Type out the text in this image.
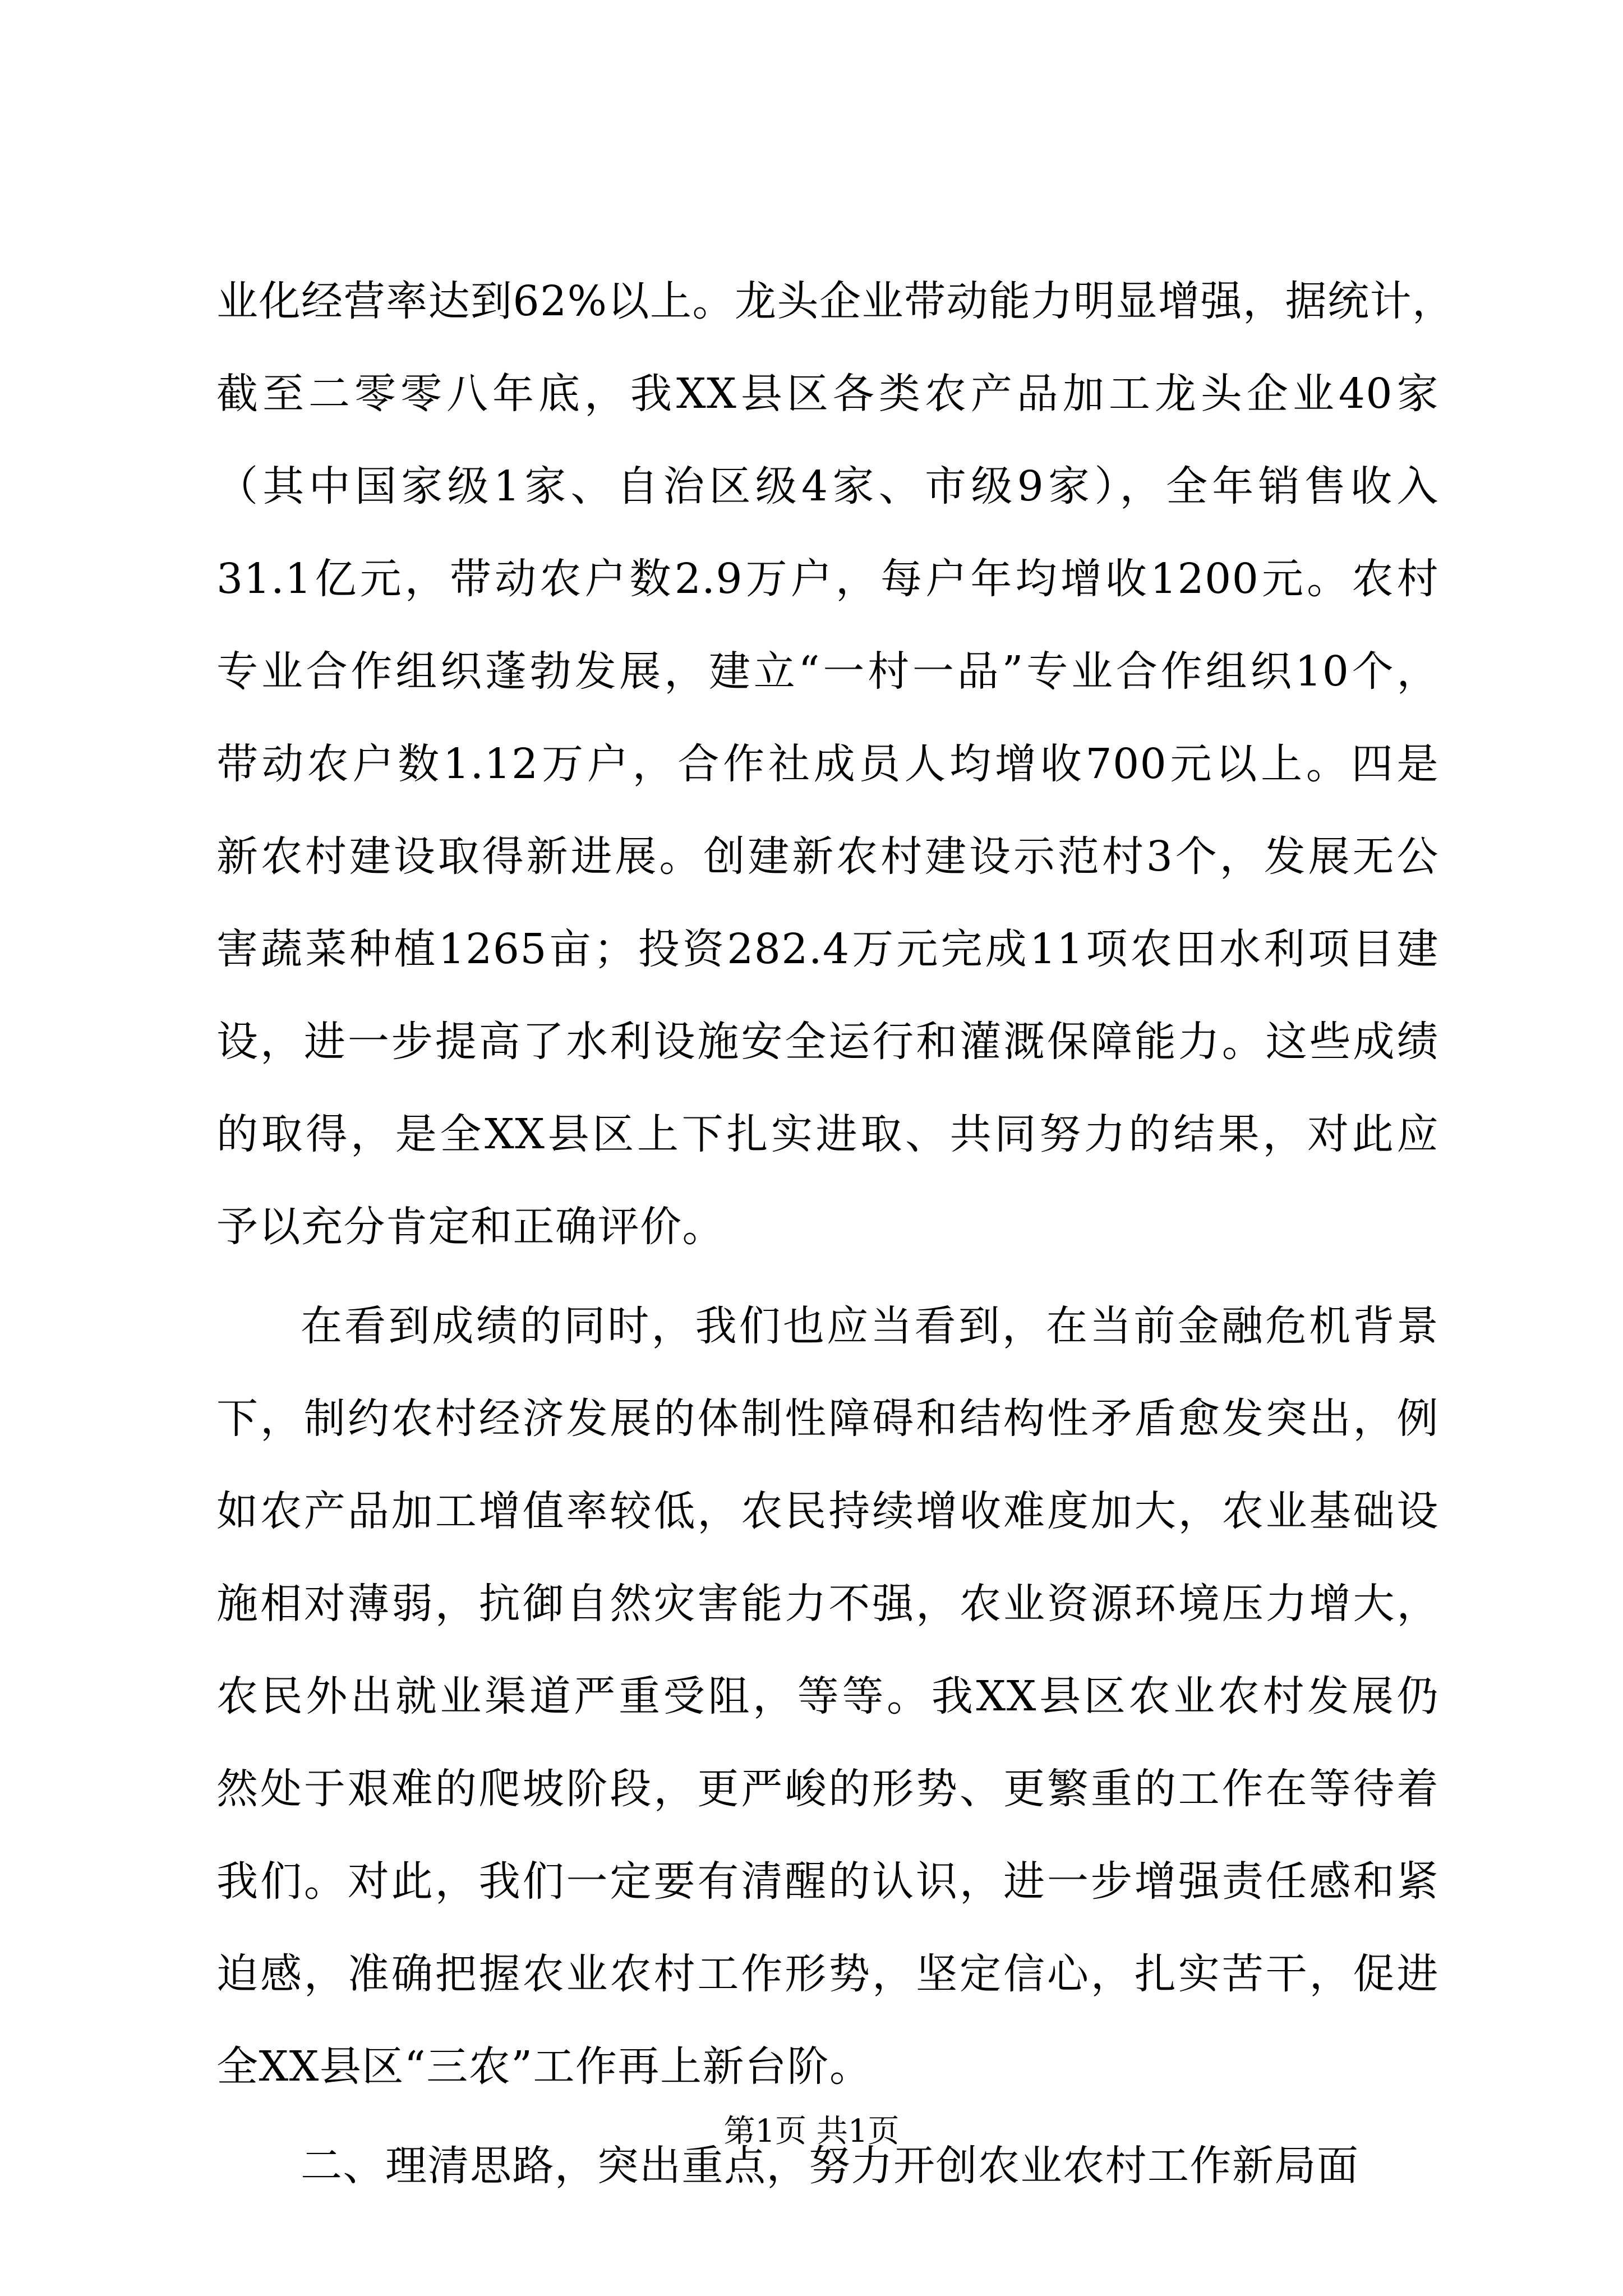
业化经营率达到62%以上。龙头企业带动能力明显增强，据统计，
截至二零零八年底，我XX县区各类农产品加工龙头企业40家
（其中国家级1家、自治区级4家、市级9家），全年销售收入
31.1亿元，带动农户数2.9万户，每户年均增收1200元。农村
专业合作组织蓬勃发展，建立“一村一品”专业合作组织10个，
带动农户数1.12万户，合作社成员人均增收700元以上。四是
新农村建设取得新进展。创建新农村建设示范村3个，发展无公
害蔬菜种植1265亩；投资282.4万元完成11项农田水利项目建
设，进一步提高了水利设施安全运行和灌溉保障能力。这些成绩
的取得，是全XX县区上下扎实进取、共同努力的结果，对此应
予以充分肯定和正确评价。
在看到成绩的同时，我们也应当看到，在当前金融危机背景
下，制约农村经济发展的体制性障碍和结构性矛盾愈发突出，例
如农产品加工增值率较低，农民持续增收难度加大，农业基础设
施相对薄弱，抗御自然灾害能力不强，农业资源环境压力增大，
农民外出就业渠道严重受阻，等等。我XX县区农业农村发展仍
然处于艰难的爬坡阶段，更严峻的形势、更繁重的工作在等待着
我们。对此，我们一定要有清醒的认识，进一步增强责任感和紧
迫感，准确把握农业农村工作形势，坚定信心，扎实苦干，促进
全XX县区“三农”工作再上新台阶。
二、理清思路，突出重点，努力开创农业农村工作新局面
第1页 共1页
